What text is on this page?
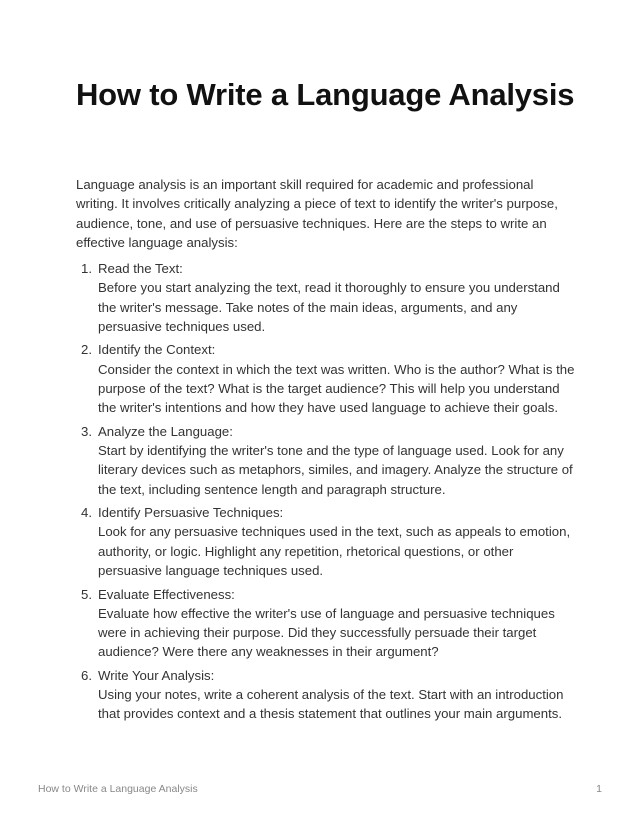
How to Write a Language Analysis

Language analysis is an important skill required for academic and professional writing. It involves critically analyzing a piece of text to identify the writer's purpose, audience, tone, and use of persuasive techniques. Here are the steps to write an effective language analysis:

1. Read the Text:
Before you start analyzing the text, read it thoroughly to ensure you understand the writer's message. Take notes of the main ideas, arguments, and any persuasive techniques used.
2. Identify the Context:
Consider the context in which the text was written. Who is the author? What is the purpose of the text? What is the target audience? This will help you understand the writer's intentions and how they have used language to achieve their goals.
3. Analyze the Language:
Start by identifying the writer's tone and the type of language used. Look for any literary devices such as metaphors, similes, and imagery. Analyze the structure of the text, including sentence length and paragraph structure.
4. Identify Persuasive Techniques:
Look for any persuasive techniques used in the text, such as appeals to emotion, authority, or logic. Highlight any repetition, rhetorical questions, or other persuasive language techniques used.
5. Evaluate Effectiveness:
Evaluate how effective the writer's use of language and persuasive techniques were in achieving their purpose. Did they successfully persuade their target audience? Were there any weaknesses in their argument?
6. Write Your Analysis:
Using your notes, write a coherent analysis of the text. Start with an introduction that provides context and a thesis statement that outlines your main arguments.
How to Write a Language Analysis	1
